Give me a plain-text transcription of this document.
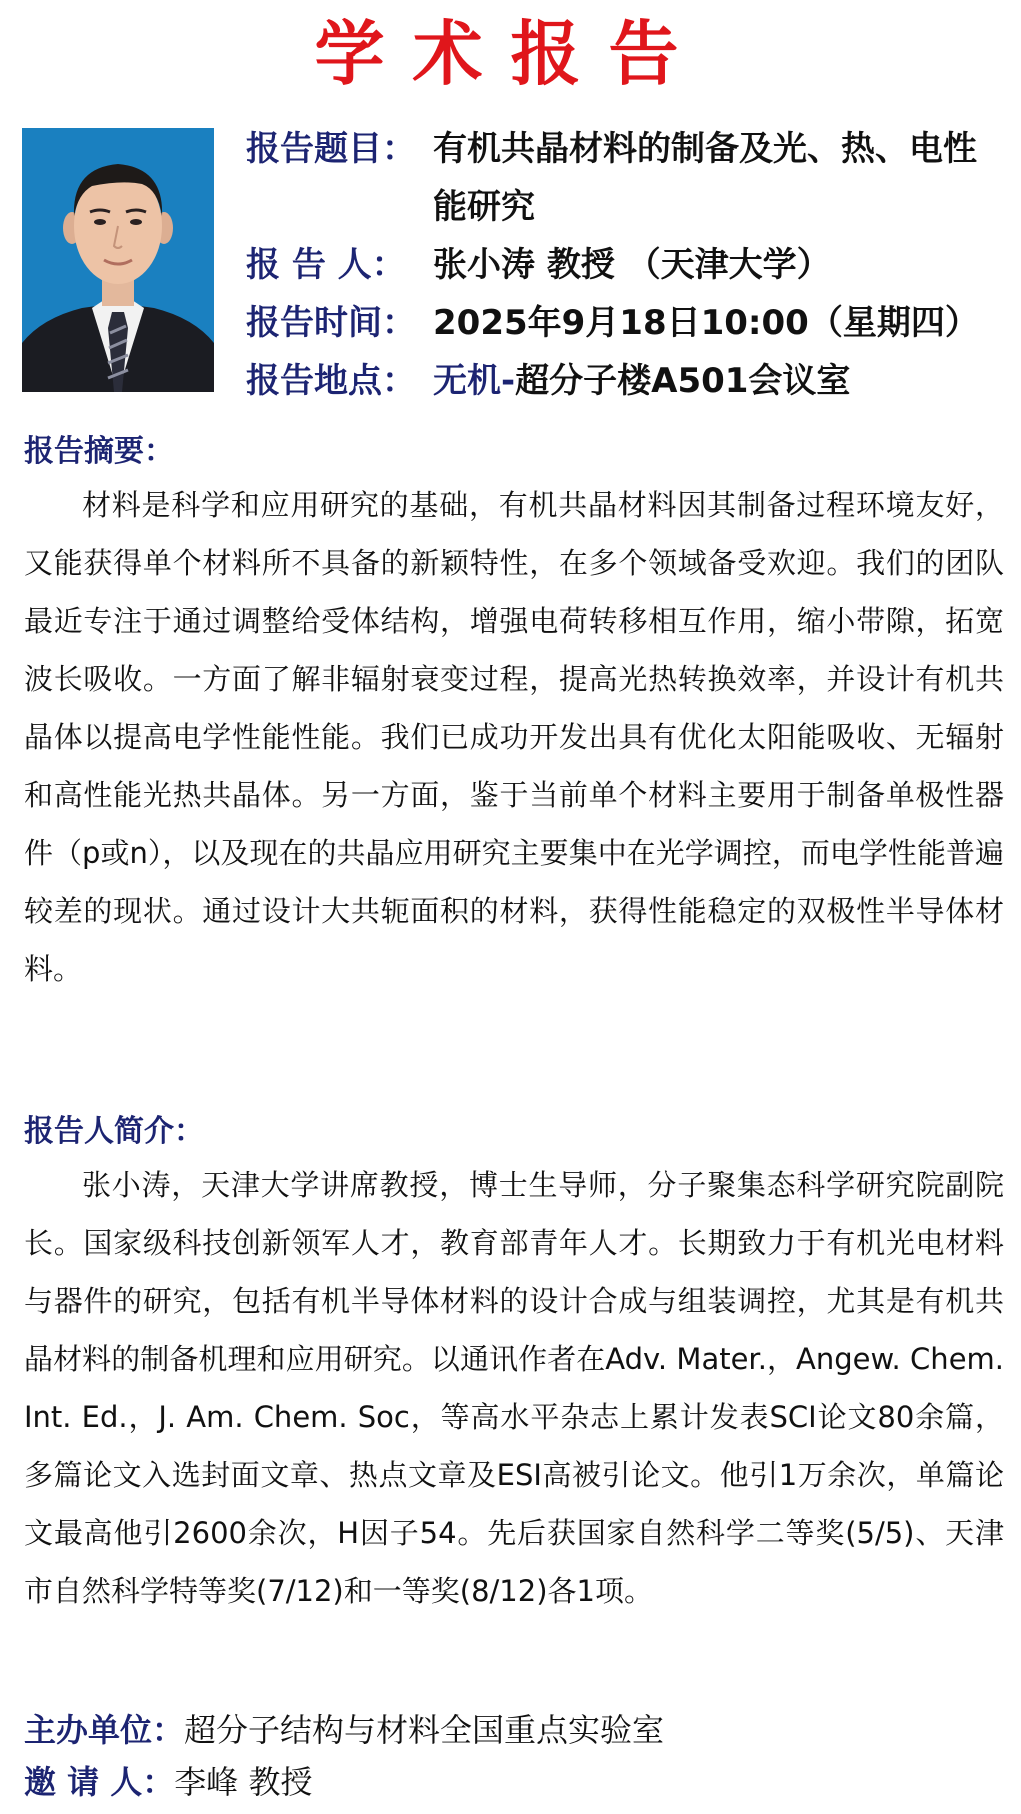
学术报告
报告题目： 有机共晶材料的制备及光、热、电性能研究
报 告 人： 张小涛 教授 （天津大学）
报告时间： 2025年9月18日10:00（星期四）
报告地点： 无机-超分子楼A501会议室
报告摘要：

材料是科学和应用研究的基础，有机共晶材料因其制备过程环境友好，又能获得单个材料所不具备的新颖特性，在多个领域备受欢迎。我们的团队最近专注于通过调整给受体结构，增强电荷转移相互作用，缩小带隙，拓宽波长吸收。一方面了解非辐射衰变过程，提高光热转换效率，并设计有机共晶体以提高电学性能性能。我们已成功开发出具有优化太阳能吸收、无辐射和高性能光热共晶体。另一方面，鉴于当前单个材料主要用于制备单极性器件（p或n），以及现在的共晶应用研究主要集中在光学调控，而电学性能普遍较差的现状。通过设计大共轭面积的材料，获得性能稳定的双极性半导体材料。

报告人简介：

张小涛，天津大学讲席教授，博士生导师，分子聚集态科学研究院副院长。国家级科技创新领军人才，教育部青年人才。长期致力于有机光电材料与器件的研究，包括有机半导体材料的设计合成与组装调控，尤其是有机共晶材料的制备机理和应用研究。以通讯作者在Adv. Mater.，Angew. Chem. Int. Ed.，J. Am. Chem. Soc，等高水平杂志上累计发表SCI论文80余篇，多篇论文入选封面文章、热点文章及ESI高被引论文。他引1万余次，单篇论文最高他引2600余次，H因子54。先后获国家自然科学二等奖(5/5)、天津市自然科学特等奖(7/12)和一等奖(8/12)各1项。

主办单位：超分子结构与材料全国重点实验室
邀 请 人：李峰 教授
